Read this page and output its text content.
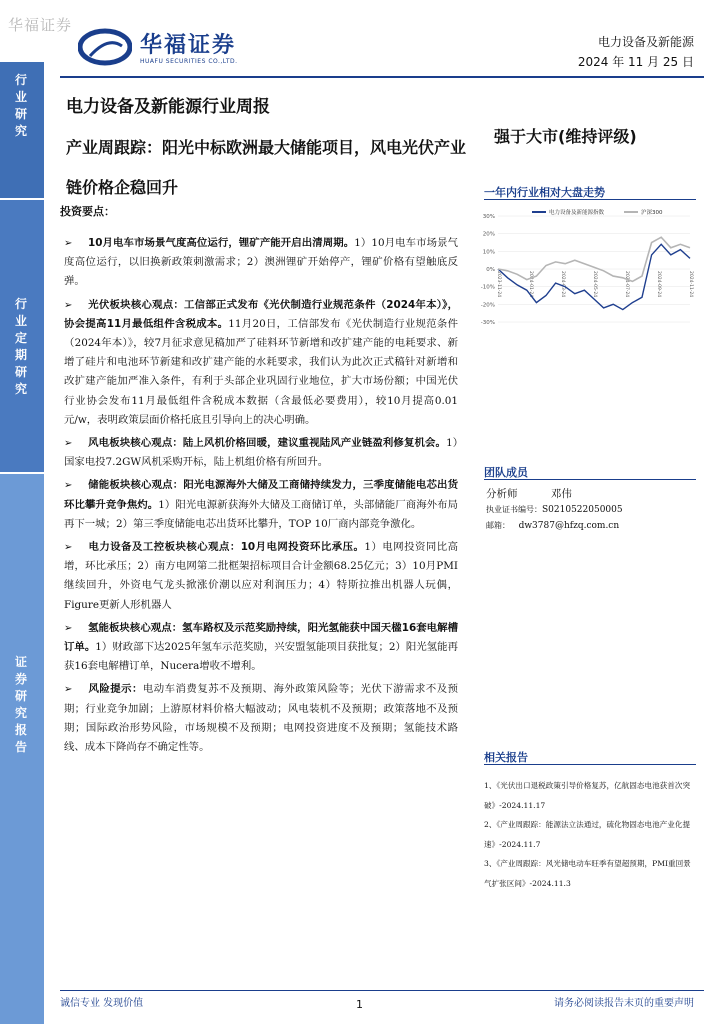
华福证券
行业研究
行业定期研究
证券研究报告
华福证券
HUAFU SECURITIES CO.,LTD.
电力设备及新能源
2024 年 11 月 25 日
电力设备及新能源行业周报
产业周跟踪：阳光中标欧洲最大储能项目，风电光伏产业链价格企稳回升
强于大市(维持评级)
投资要点：
➢ 10月电车市场景气度高位运行，锂矿产能开启出清周期。1）10月电车市场景气度高位运行，以旧换新政策刺激需求；2）澳洲锂矿开始停产，锂矿价格有望触底反弹。
➢ 光伏板块核心观点：工信部正式发布《光伏制造行业规范条件（2024年本）》，协会提高11月最低组件含税成本。11月20日，工信部发布《光伏制造行业规范条件（2024年本）》，较7月征求意见稿加严了硅料环节新增和改扩建产能的电耗要求、新增了硅片和电池环节新建和改扩建产能的水耗要求，我们认为此次正式稿针对新增和改扩建产能加严准入条件，有利于头部企业巩固行业地位，扩大市场份额；中国光伏行业协会发布11月最低组件含税成本数据（含最低必要费用），较10月提高0.01元/w，表明政策层面价格托底且引导向上的决心明确。
➢ 风电板块核心观点：陆上风机价格回暖，建议重视陆风产业链盈利修复机会。1）国家电投7.2GW风机采购开标，陆上机组价格有所回升。
➢ 储能板块核心观点：阳光电源海外大储及工商储持续发力，三季度储能电芯出货环比攀升竞争焦灼。1）阳光电源新获海外大储及工商储订单，头部储能厂商海外布局再下一城；2）第三季度储能电芯出货环比攀升，TOP 10厂商内部竞争激化。
➢ 电力设备及工控板块核心观点：10月电网投资环比承压。1）电网投资同比高增，环比承压；2）南方电网第二批框架招标项目合计金额68.25亿元；3）10月PMI继续回升，外资电气龙头掀涨价潮以应对利润压力；4）特斯拉推出机器人玩偶，Figure更新人形机器人
➢ 氢能板块核心观点：氢车路权及示范奖励持续，阳光氢能获中国天楹16套电解槽订单。1）财政部下达2025年氢车示范奖励，兴安盟氢能项目获批复；2）阳光氢能再获16套电解槽订单，Nucera增收不增利。
➢ 风险提示：电动车消费复苏不及预期、海外政策风险等；光伏下游需求不及预期；行业竞争加剧；上游原材料价格大幅波动；风电装机不及预期；政策落地不及预期；国际政治形势风险，市场规模不及预期；电网投资进度不及预期；氢能技术路线、成本下降尚存不确定性等。
一年内行业相对大盘走势
30%
20%
10%
0%
-10%
-20%
-30%
2023-11-24	2024-01-24	2024-03-24	2024-05-24	2024-07-24	2024-09-24	2024-11-24
电力设备及新能源指数	沪深300
团队成员
分析师	邓伟
执业证书编号：S0210522050005
邮箱： dw3787@hfzq.com.cn
相关报告
1、《光伏出口退税政策引导价格复苏，亿航固态电池获首次突破》-2024.11.17
2、《产业周跟踪：能源法立法通过，硫化物固态电池产业化提速》-2024.11.7
3、《产业周跟踪：风光储电动车旺季有望超预期，PMI重回景气扩张区间》-2024.11.3
诚信专业 发现价值	1	请务必阅读报告末页的重要声明
